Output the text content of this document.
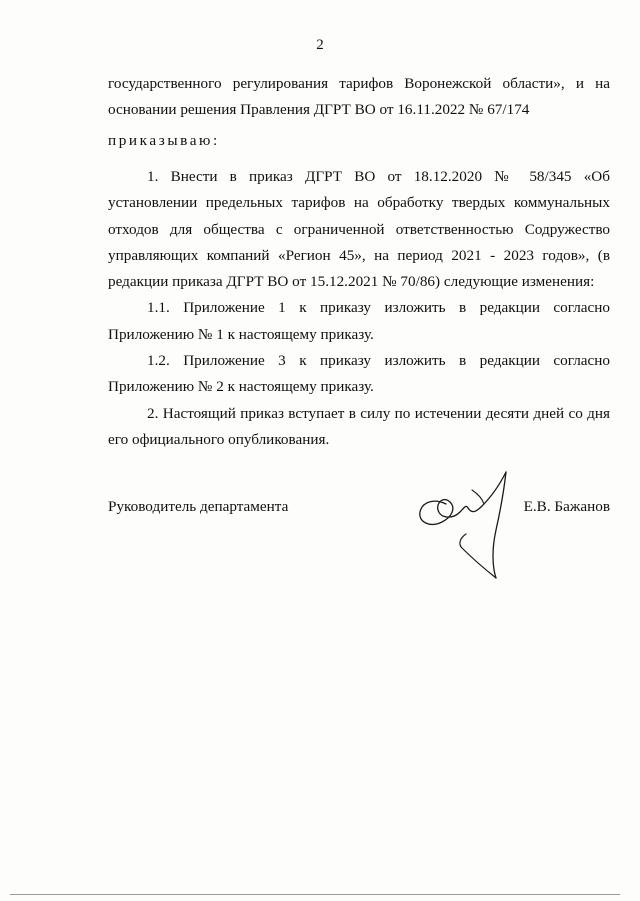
2

государственного регулирования тарифов Воронежской области», и на основании решения Правления ДГРТ ВО от 16.11.2022 № 67/174

приказываю:

1. Внести в приказ ДГРТ ВО от 18.12.2020 № 58/345 «Об установлении предельных тарифов на обработку твердых коммунальных отходов для общества с ограниченной ответственностью Содружество управляющих компаний «Регион 45», на период 2021 - 2023 годов», (в редакции приказа ДГРТ ВО от 15.12.2021 № 70/86) следующие изменения:

1.1. Приложение 1 к приказу изложить в редакции согласно Приложению № 1 к настоящему приказу.

1.2. Приложение 3 к приказу изложить в редакции согласно Приложению № 2 к настоящему приказу.

2. Настоящий приказ вступает в силу по истечении десяти дней со дня его официального опубликования.

Руководитель департамента	Е.В. Бажанов
